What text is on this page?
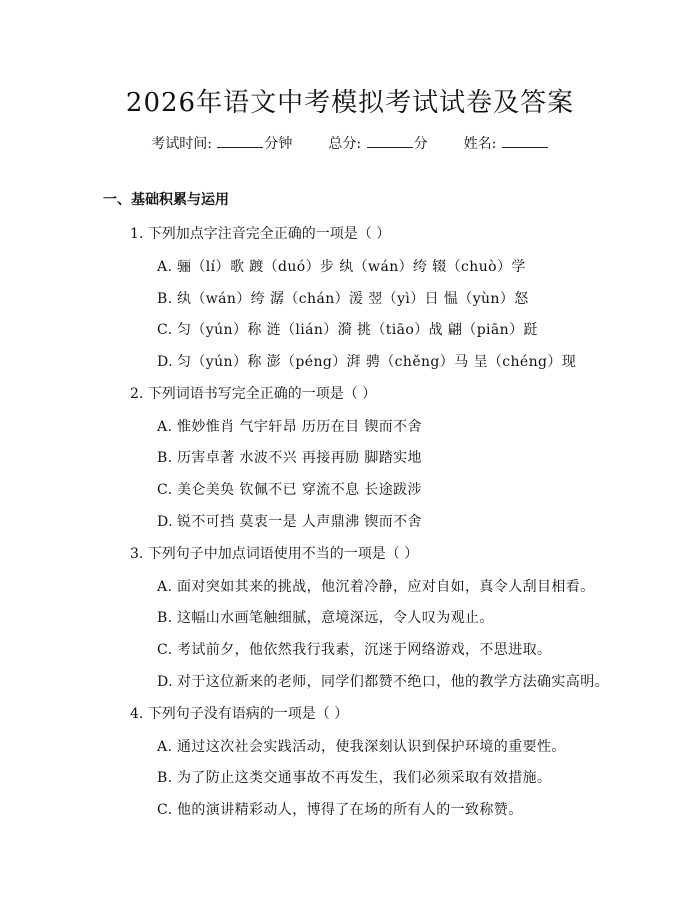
2026年语文中考模拟考试试卷及答案
考试时间:	分钟	总分:	分	姓名:
一、基础积累与运用
1. 下列加点字注音完全正确的一项是（ ）
A. 骊（lí）歌 踱（duó）步 纨（wán）绔 辍（chuò）学
B. 纨（wán）绔 潺（chán）湲 翌（yì）日 愠（yùn）怒
C. 匀（yún）称 涟（lián）漪 挑（tiāo）战 翩（piān）跹
D. 匀（yún）称 澎（péng）湃 骋（chěng）马 呈（chéng）现
2. 下列词语书写完全正确的一项是（ ）
A. 惟妙惟肖 气宇轩昂 历历在目 锲而不舍
B. 历害卓著 水波不兴 再接再励 脚踏实地
C. 美仑美奂 钦佩不已 穿流不息 长途跋涉
D. 锐不可挡 莫衷一是 人声鼎沸 锲而不舍
3. 下列句子中加点词语使用不当的一项是（ ）
A. 面对突如其来的挑战，他沉着冷静，应对自如，真令人刮目相看。
B. 这幅山水画笔触细腻，意境深远，令人叹为观止。
C. 考试前夕，他依然我行我素，沉迷于网络游戏，不思进取。
D. 对于这位新来的老师，同学们都赞不绝口，他的教学方法确实高明。
4. 下列句子没有语病的一项是（ ）
A. 通过这次社会实践活动，使我深刻认识到保护环境的重要性。
B. 为了防止这类交通事故不再发生，我们必须采取有效措施。
C. 他的演讲精彩动人，博得了在场的所有人的一致称赞。
